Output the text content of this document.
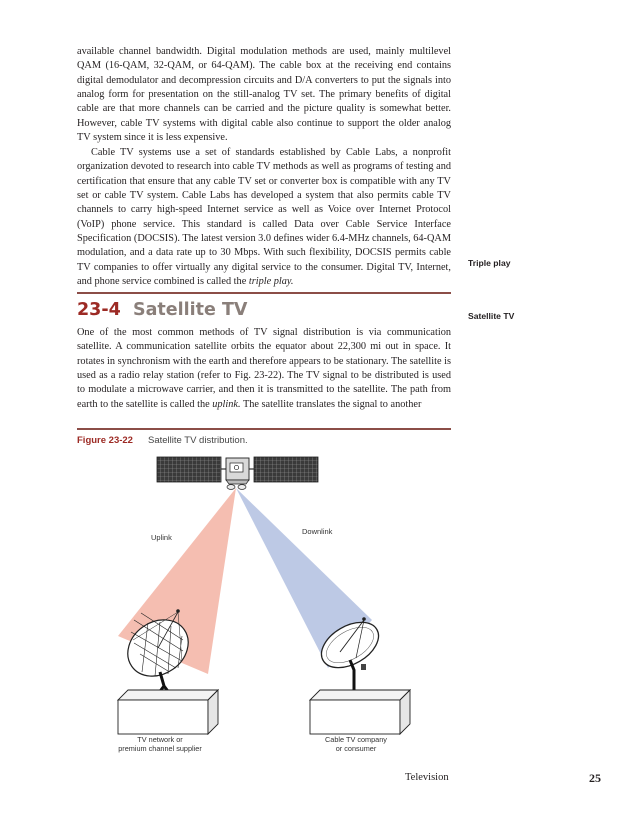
available channel bandwidth. Digital modulation methods are used, mainly multilevel QAM (16-QAM, 32-QAM, or 64-QAM). The cable box at the receiving end contains digital demodulator and decompression circuits and D/A converters to put the signals into analog form for presentation on the still-analog TV set. The primary benefits of digital cable are that more channels can be carried and the picture quality is somewhat better. However, cable TV systems with digital cable also continue to support the older analog TV system since it is less expensive.

Cable TV systems use a set of standards established by Cable Labs, a nonprofit organization devoted to research into cable TV methods as well as programs of testing and certification that ensure that any cable TV set or converter box is compatible with any TV set or cable TV system. Cable Labs has developed a system that also permits cable TV channels to carry high-speed Internet service as well as Voice over Internet Protocol (VoIP) phone service. This standard is called Data over Cable Service Interface Specification (DOCSIS). The latest version 3.0 defines wider 6.4-MHz channels, 64-QAM modulation, and a data rate up to 30 Mbps. With such flexibility, DOCSIS permits cable TV companies to offer virtually any digital service to the consumer. Digital TV, Internet, and phone service combined is called the triple play.

Triple play
23-4 Satellite TV	Satellite TV

One of the most common methods of TV signal distribution is via communication satellite. A communication satellite orbits the equator about 22,300 mi out in space. It rotates in synchronism with the earth and therefore appears to be stationary. The satellite is used as a radio relay station (refer to Fig. 23-22). The TV signal to be distributed is used to modulate a microwave carrier, and then it is transmitted to the satellite. The path from earth to the satellite is called the uplink. The satellite translates the signal to another

Figure 23-22 Satellite TV distribution.
Uplink
Downlink
TV network or
premium channel supplier
Cable TV company
or consumer
Television	25
